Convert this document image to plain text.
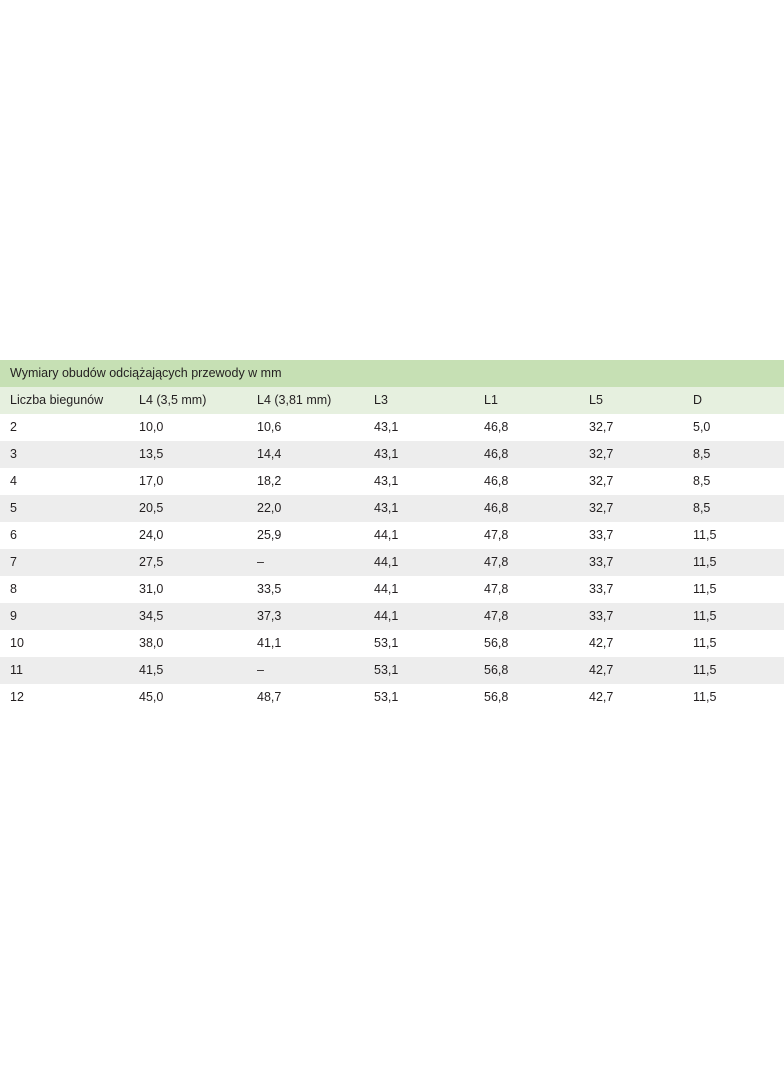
Wymiary obudów odciążających przewody w mm
Liczba biegunów	L4 (3,5 mm)	L4 (3,81 mm)	L3	L1	L5	D
2	10,0	10,6	43,1	46,8	32,7	5,0
3	13,5	14,4	43,1	46,8	32,7	8,5
4	17,0	18,2	43,1	46,8	32,7	8,5
5	20,5	22,0	43,1	46,8	32,7	8,5
6	24,0	25,9	44,1	47,8	33,7	11,5
7	27,5	–	44,1	47,8	33,7	11,5
8	31,0	33,5	44,1	47,8	33,7	11,5
9	34,5	37,3	44,1	47,8	33,7	11,5
10	38,0	41,1	53,1	56,8	42,7	11,5
11	41,5	–	53,1	56,8	42,7	11,5
12	45,0	48,7	53,1	56,8	42,7	11,5
